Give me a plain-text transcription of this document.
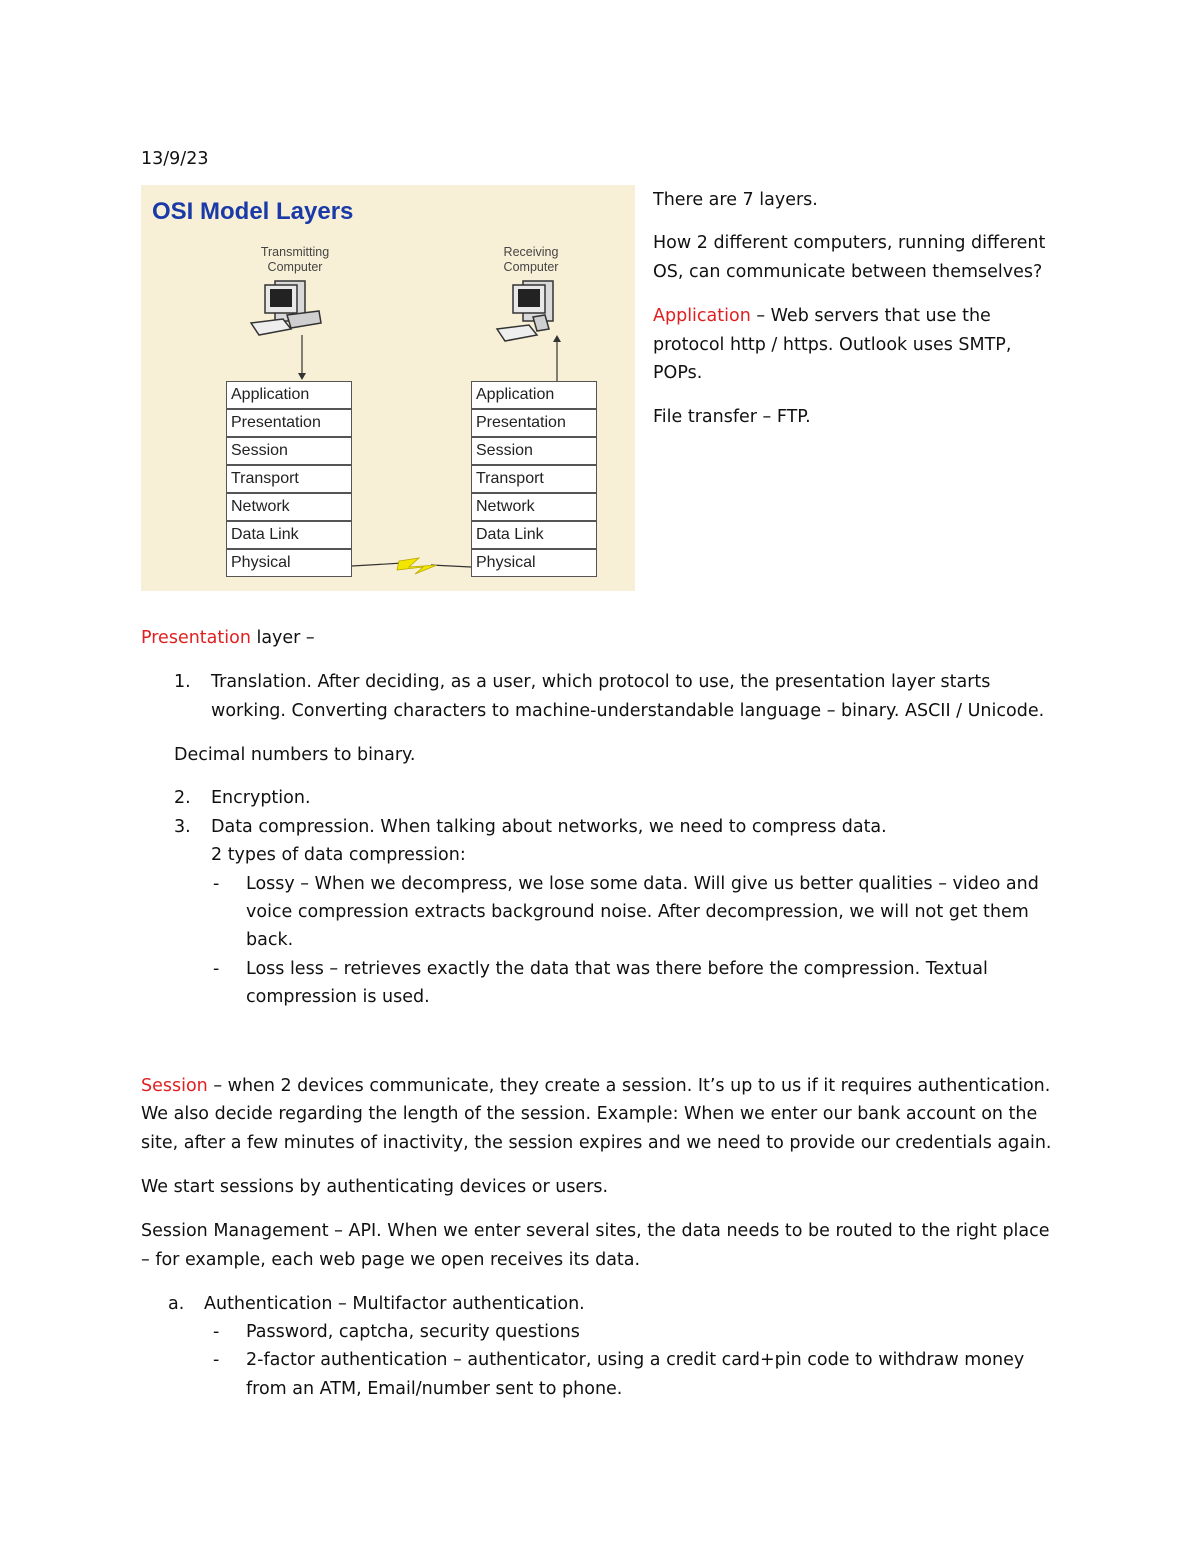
13/9/23
OSI Model Layers
Transmitting
Computer
Receiving
Computer
Application
Presentation
Session
Transport
Network
Data Link
Physical
Application
Presentation
Session
Transport
Network
Data Link
Physical
There are 7 layers.
How 2 different computers, running different
OS, can communicate between themselves?
Application – Web servers that use the
protocol http / https. Outlook uses SMTP,
POPs.
File transfer – FTP.
Presentation layer –
1. Translation. After deciding, as a user, which protocol to use, the presentation layer starts
working. Converting characters to machine-understandable language – binary. ASCII / Unicode.
Decimal numbers to binary.
2. Encryption.
3. Data compression. When talking about networks, we need to compress data.
2 types of data compression:
- Lossy – When we decompress, we lose some data. Will give us better qualities – video and
voice compression extracts background noise. After decompression, we will not get them
back.
- Loss less – retrieves exactly the data that was there before the compression. Textual
compression is used.
Session – when 2 devices communicate, they create a session. It’s up to us if it requires authentication.
We also decide regarding the length of the session. Example: When we enter our bank account on the
site, after a few minutes of inactivity, the session expires and we need to provide our credentials again.
We start sessions by authenticating devices or users.
Session Management – API. When we enter several sites, the data needs to be routed to the right place
– for example, each web page we open receives its data.
a. Authentication – Multifactor authentication.
- Password, captcha, security questions
- 2-factor authentication – authenticator, using a credit card+pin code to withdraw money
from an ATM, Email/number sent to phone.
